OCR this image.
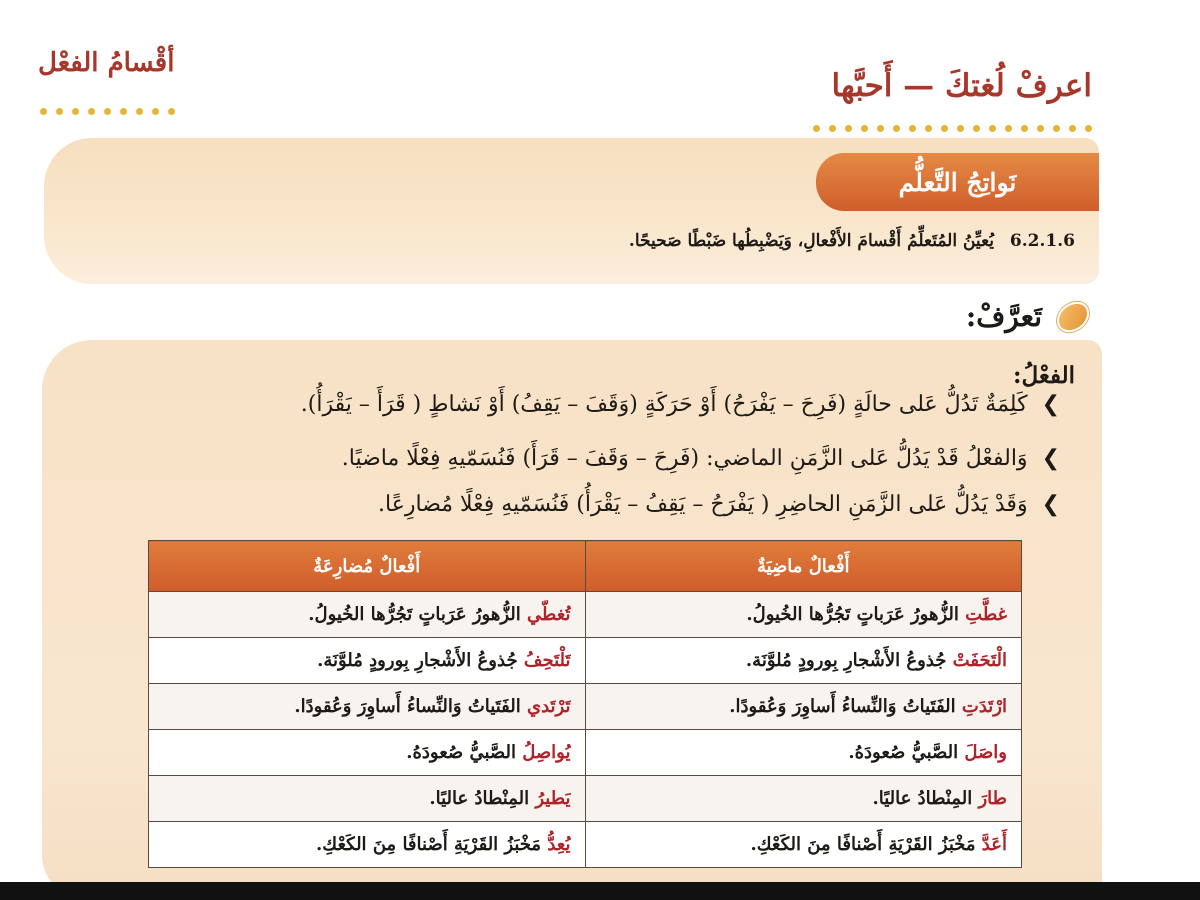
أقْسامُ الفعْل
اعرفْ لُغتكَ — أَحبَّها
نَواتِجُ التَّعلُّم
6.2.1.6 يُعيِّنُ المُتَعلِّمُ أَقْسامَ الأَفْعالِ، وَيَضْبِطُها ضَبْطًا صَحيحًا.
تَعرَّفْ:
الفعْلُ:
❯كَلِمَةٌ تَدُلُّ عَلى حالَةٍ (فَرِحَ – يَفْرَحُ) أَوْ حَرَكَةٍ (وَقَفَ – يَقِفُ) أَوْ نَشاطٍ ( قَرَأَ – يَقْرَأُ).
❯وَالفعْلُ قَدْ يَدُلُّ عَلى الزَّمَنِ الماضي: (فَرِحَ – وَقَفَ – قَرَأَ) فَنُسَمّيهِ فِعْلًا ماضيًا.
❯وَقَدْ يَدُلُّ عَلى الزَّمَنِ الحاضِرِ ( يَفْرَحُ – يَقِفُ – يَقْرَأُ) فَنُسَمّيهِ فِعْلًا مُضارِعًا.
أَفْعالٌ ماضِيَةٌ	أَفْعالٌ مُضارِعَةٌ
غطَّتِ الزُّهورُ عَرَباتٍ تَجُرُّها الخُيولُ.	تُغطّي الزُّهورُ عَرَباتٍ تَجُرُّها الخُيولُ.
الْتَحَفَتْ جُذوعُ الأَشْجارِ بِورودٍ مُلوَّنَة.	تَلْتَحِفُ جُذوعُ الأَشْجارِ بِورودٍ مُلوَّنَة.
ارْتَدَتِ الفَتَياتُ وَالنِّساءُ أَساوِرَ وَعُقودًا.	تَرْتَدي الفَتَياتُ وَالنِّساءُ أَساوِرَ وَعُقودًا.
واصَلَ الصَّبيُّ صُعودَهُ.	يُواصِلُ الصَّبيُّ صُعودَهُ.
طارَ المِنْطادُ عاليًا.	يَطيرُ المِنْطادُ عاليًا.
أَعَدَّ مَخْبَزُ القَرْيَةِ أَصْنافًا مِنَ الكَعْكِ.	يُعِدُّ مَخْبَزُ القَرْيَةِ أَصْنافًا مِنَ الكَعْكِ.
